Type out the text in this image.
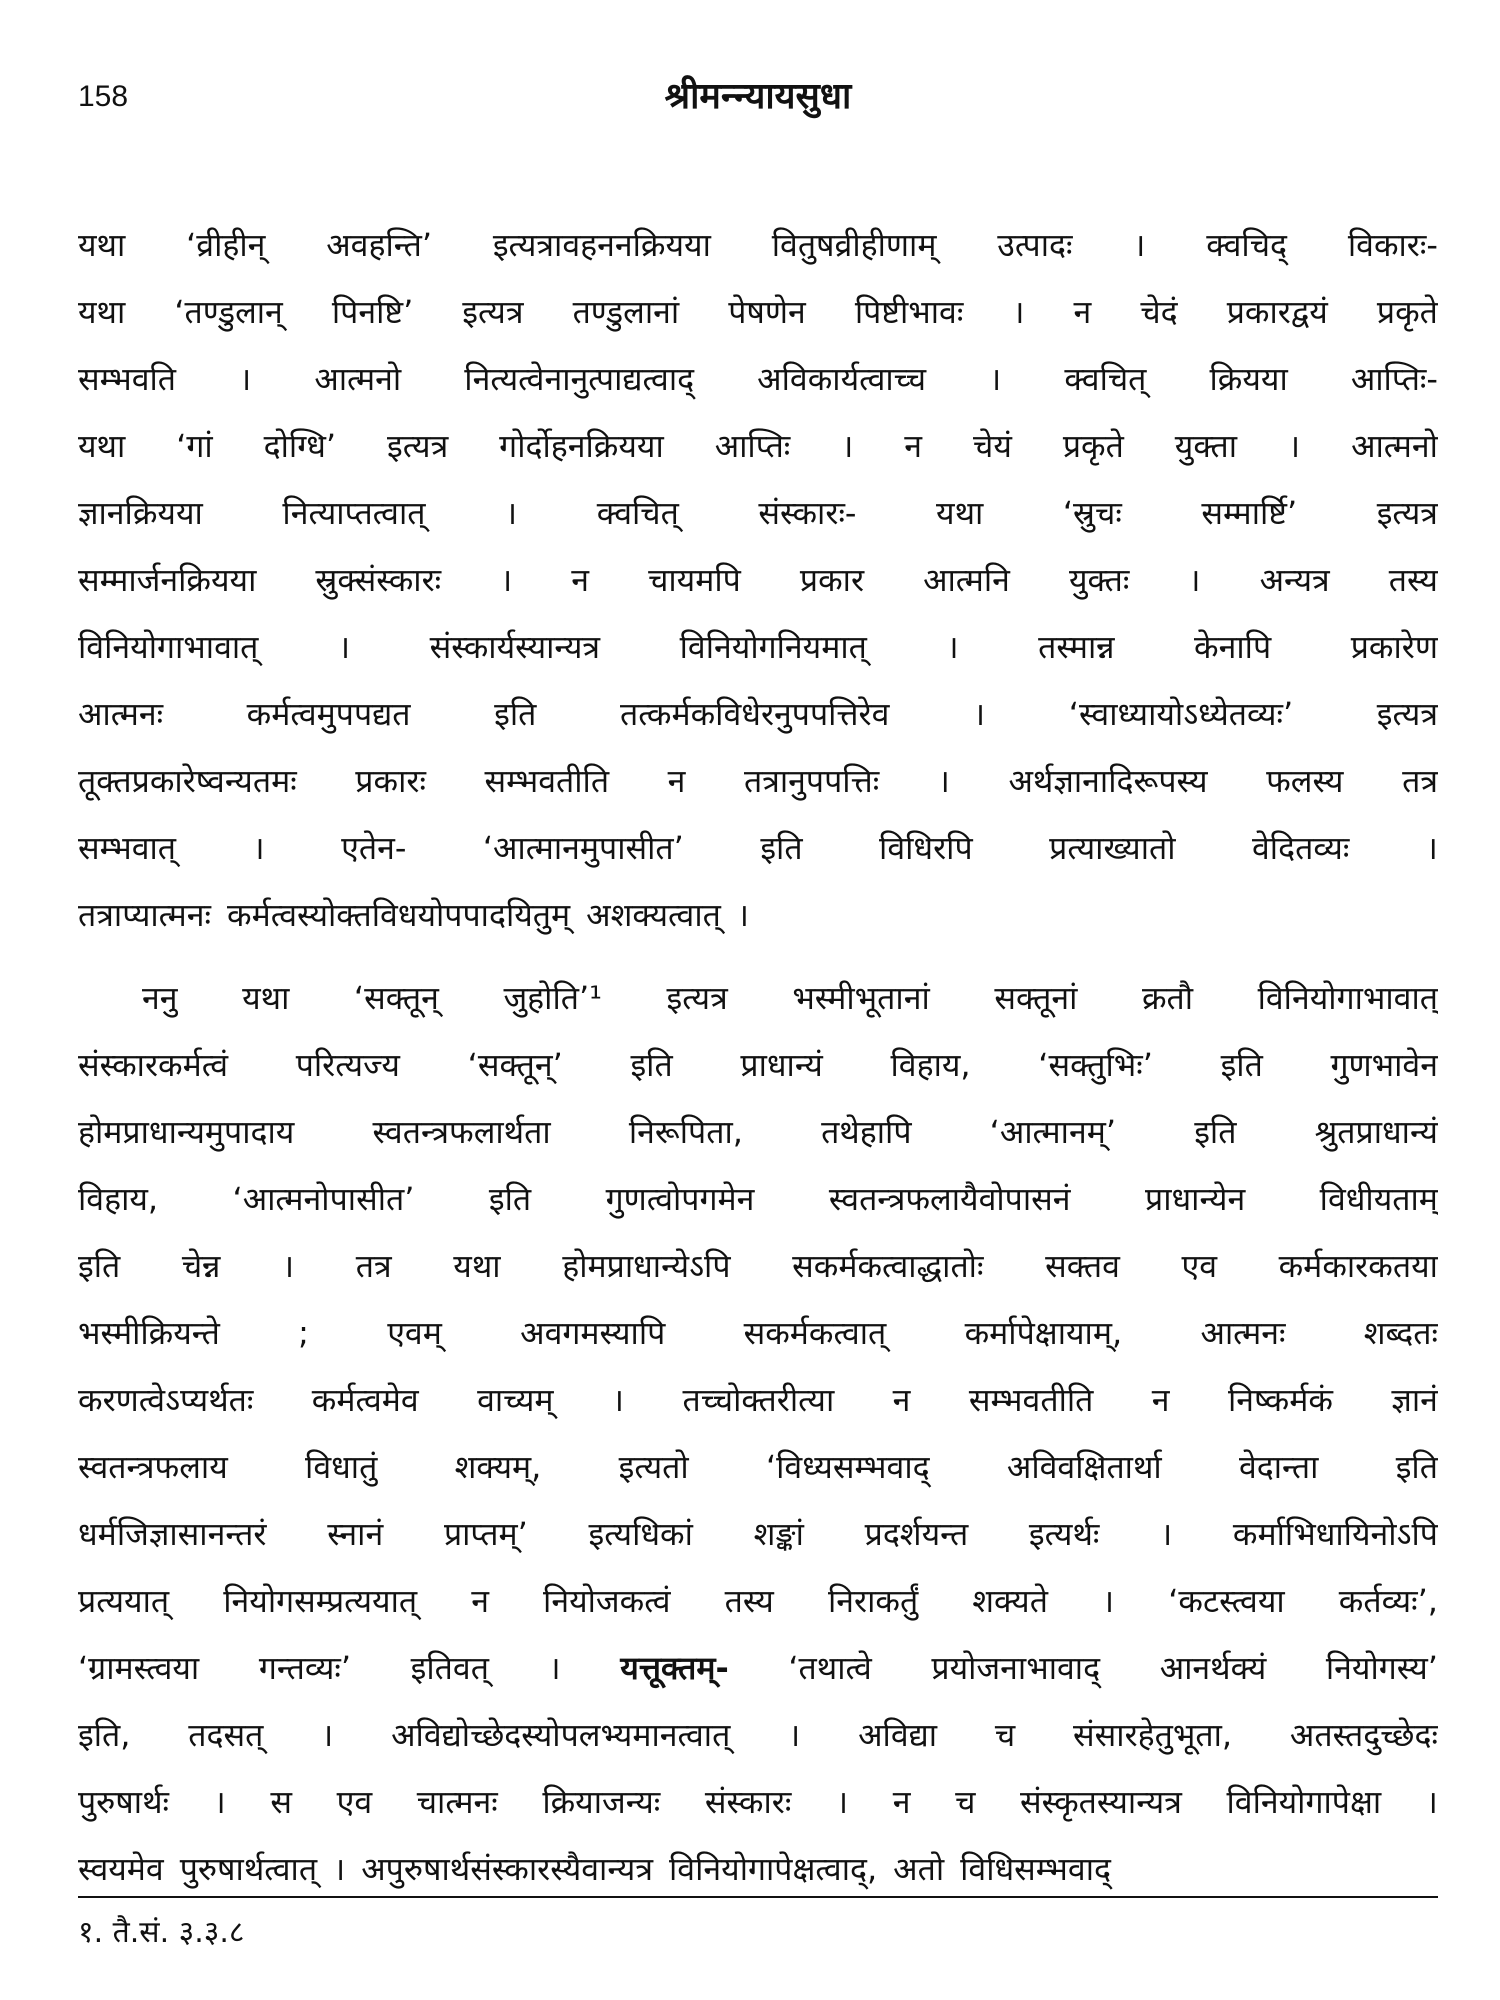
158	श्रीमन्न्यायसुधा
यथा ‘व्रीहीन् अवहन्ति’ इत्यत्रावहननक्रियया वितुषव्रीहीणाम् उत्पादः । क्वचिद् विकारः-
यथा ‘तण्डुलान् पिनष्टि’ इत्यत्र तण्डुलानां पेषणेन पिष्टीभावः । न चेदं प्रकारद्वयं प्रकृते
सम्भवति । आत्मनो नित्यत्वेनानुत्पाद्यत्वाद् अविकार्यत्वाच्च । क्वचित् क्रियया आप्तिः-
यथा ‘गां दोग्धि’ इत्यत्र गोर्दोहनक्रियया आप्तिः । न चेयं प्रकृते युक्ता । आत्मनो
ज्ञानक्रियया नित्याप्तत्वात् । क्वचित् संस्कारः- यथा ‘स्रुचः सम्मार्ष्टि’ इत्यत्र
सम्मार्जनक्रियया स्रुक्संस्कारः । न चायमपि प्रकार आत्मनि युक्तः । अन्यत्र तस्य
विनियोगाभावात् । संस्कार्यस्यान्यत्र विनियोगनियमात् । तस्मान्न केनापि प्रकारेण
आत्मनः	कर्मत्वमुपपद्यत	इति	तत्कर्मकविधेरनुपपत्तिरेव	।	‘स्वाध्यायोऽध्येतव्यः’	इत्यत्र
तूक्तप्रकारेष्वन्यतमः प्रकारः सम्भवतीति न तत्रानुपपत्तिः । अर्थज्ञानादिरूपस्य फलस्य तत्र
सम्भवात् । एतेन- ‘आत्मानमुपासीत’ इति विधिरपि प्रत्याख्यातो वेदितव्यः ।
तत्राप्यात्मनः कर्मत्वस्योक्तविधयोपपादयितुम् अशक्यत्वात् ।
ननु यथा ‘सक्तून् जुहोति’¹ इत्यत्र भस्मीभूतानां सक्तूनां क्रतौ विनियोगाभावात्
संस्कारकर्मत्वं परित्यज्य ‘सक्तून्’ इति प्राधान्यं विहाय, ‘सक्तुभिः’ इति गुणभावेन
होमप्राधान्यमुपादाय स्वतन्त्रफलार्थता निरूपिता, तथेहापि ‘आत्मानम्’ इति श्रुतप्राधान्यं
विहाय, ‘आत्मनोपासीत’ इति गुणत्वोपगमेन स्वतन्त्रफलायैवोपासनं प्राधान्येन विधीयताम्
इति चेन्न । तत्र यथा होमप्राधान्येऽपि सकर्मकत्वाद्धातोः सक्तव एव कर्मकारकतया
भस्मीक्रियन्ते ; एवम् अवगमस्यापि सकर्मकत्वात् कर्मापेक्षायाम्, आत्मनः शब्दतः
करणत्वेऽप्यर्थतः कर्मत्वमेव वाच्यम् । तच्चोक्तरीत्या न सम्भवतीति न निष्कर्मकं ज्ञानं
स्वतन्त्रफलाय विधातुं शक्यम्, इत्यतो ‘विध्यसम्भवाद् अविवक्षितार्था वेदान्ता इति
धर्मजिज्ञासानन्तरं स्नानं प्राप्तम्’ इत्यधिकां शङ्कां प्रदर्शयन्त इत्यर्थः । कर्माभिधायिनोऽपि
प्रत्ययात् नियोगसम्प्रत्ययात् न नियोजकत्वं तस्य निराकर्तुं शक्यते । ‘कटस्त्वया कर्तव्यः’,
‘ग्रामस्त्वया गन्तव्यः’ इतिवत् । यत्तूक्तम्- ‘तथात्वे प्रयोजनाभावाद् आनर्थक्यं नियोगस्य’
इति, तदसत् । अविद्योच्छेदस्योपलभ्यमानत्वात् । अविद्या च संसारहेतुभूता, अतस्तदुच्छेदः
पुरुषार्थः । स एव चात्मनः क्रियाजन्यः संस्कारः । न च संस्कृतस्यान्यत्र विनियोगापेक्षा ।
स्वयमेव पुरुषार्थत्वात् । अपुरुषार्थसंस्कारस्यैवान्यत्र विनियोगापेक्षत्वाद्, अतो विधिसम्भवाद्
१. तै.सं. ३.३.८
